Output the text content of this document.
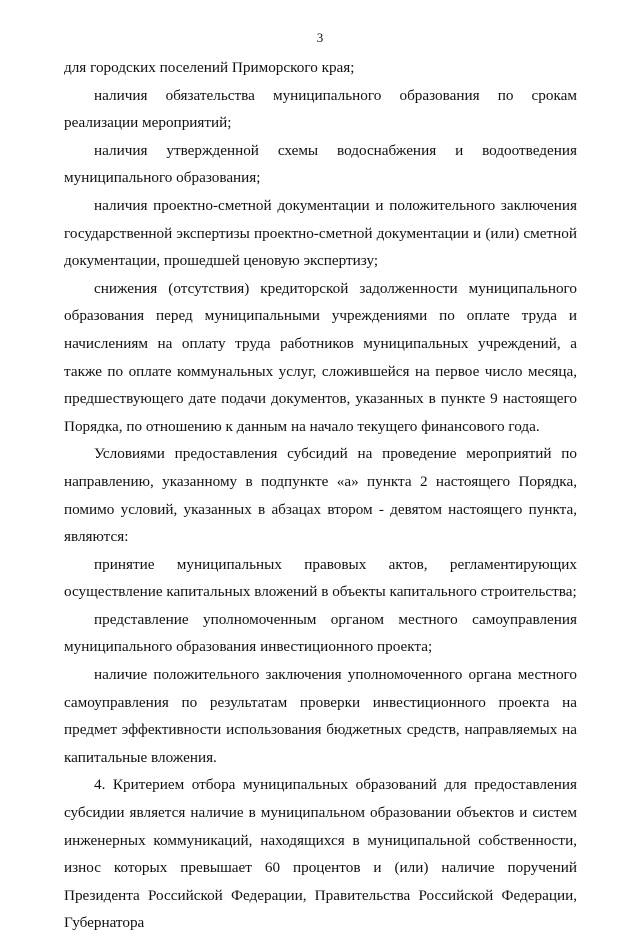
3

для городских поселений Приморского края;

наличия обязательства муниципального образования по срокам реализации мероприятий;

наличия утвержденной схемы водоснабжения и водоотведения муниципального образования;

наличия проектно-сметной документации и положительного заключения государственной экспертизы проектно-сметной документации и (или) сметной документации, прошедшей ценовую экспертизу;

снижения (отсутствия) кредиторской задолженности муниципального образования перед муниципальными учреждениями по оплате труда и начислениям на оплату труда работников муниципальных учреждений, а также по оплате коммунальных услуг, сложившейся на первое число месяца, предшествующего дате подачи документов, указанных в пункте 9 настоящего Порядка, по отношению к данным на начало текущего финансового года.

Условиями предоставления субсидий на проведение мероприятий по направлению, указанному в подпункте «а» пункта 2 настоящего Порядка, помимо условий, указанных в абзацах втором - девятом настоящего пункта, являются:

принятие муниципальных правовых актов, регламентирующих осуществление капитальных вложений в объекты капитального строительства;

представление уполномоченным органом местного самоуправления муниципального образования инвестиционного проекта;

наличие положительного заключения уполномоченного органа местного самоуправления по результатам проверки инвестиционного проекта на предмет эффективности использования бюджетных средств, направляемых на капитальные вложения.

4. Критерием отбора муниципальных образований для предоставления субсидии является наличие в муниципальном образовании объектов и систем инженерных коммуникаций, находящихся в муниципальной собственности, износ которых превышает 60 процентов и (или) наличие поручений Президента Российской Федерации, Правительства Российской Федерации, Губернатора
